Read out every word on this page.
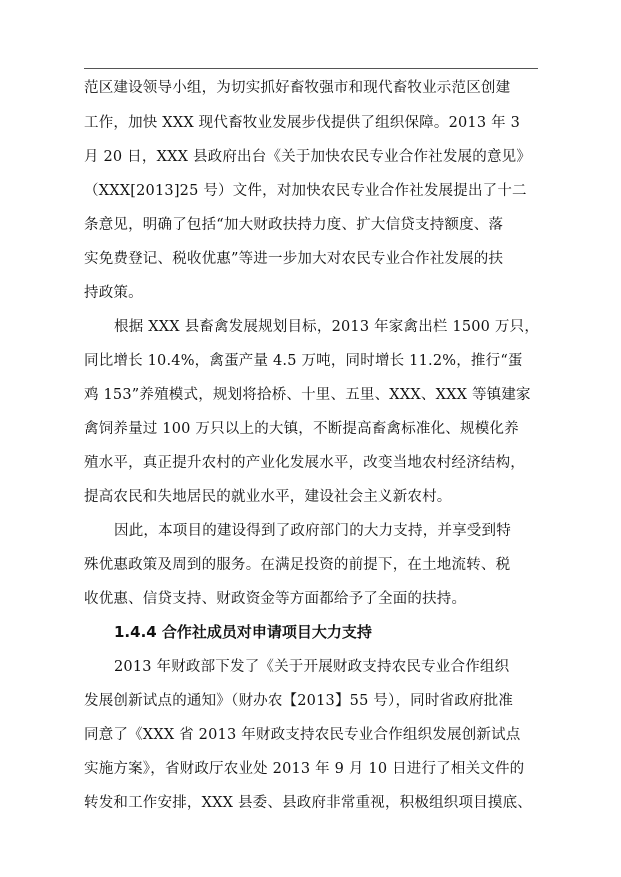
范区建设领导小组，为切实抓好畜牧强市和现代畜牧业示范区创建
工作，加快 XXX 现代畜牧业发展步伐提供了组织保障。2013 年 3
月 20 日，XXX 县政府出台《关于加快农民专业合作社发展的意见》
（XXX[2013]25 号）文件，对加快农民专业合作社发展提出了十二
条意见，明确了包括“加大财政扶持力度、扩大信贷支持额度、落
实免费登记、税收优惠”等进一步加大对农民专业合作社发展的扶
持政策。
根据 XXX 县畜禽发展规划目标，2013 年家禽出栏 1500 万只，
同比增长 10.4%，禽蛋产量 4.5 万吨，同时增长 11.2%，推行“蛋
鸡 153”养殖模式，规划将拾桥、十里、五里、XXX、XXX 等镇建家
禽饲养量过 100 万只以上的大镇，不断提高畜禽标准化、规模化养
殖水平，真正提升农村的产业化发展水平，改变当地农村经济结构，
提高农民和失地居民的就业水平，建设社会主义新农村。
因此，本项目的建设得到了政府部门的大力支持，并享受到特
殊优惠政策及周到的服务。在满足投资的前提下，在土地流转、税
收优惠、信贷支持、财政资金等方面都给予了全面的扶持。
1.4.4 合作社成员对申请项目大力支持
2013 年财政部下发了《关于开展财政支持农民专业合作组织
发展创新试点的通知》（财办农【2013】55 号），同时省政府批准
同意了《XXX 省 2013 年财政支持农民专业合作组织发展创新试点
实施方案》，省财政厅农业处 2013 年 9 月 10 日进行了相关文件的
转发和工作安排，XXX 县委、县政府非常重视，积极组织项目摸底、
